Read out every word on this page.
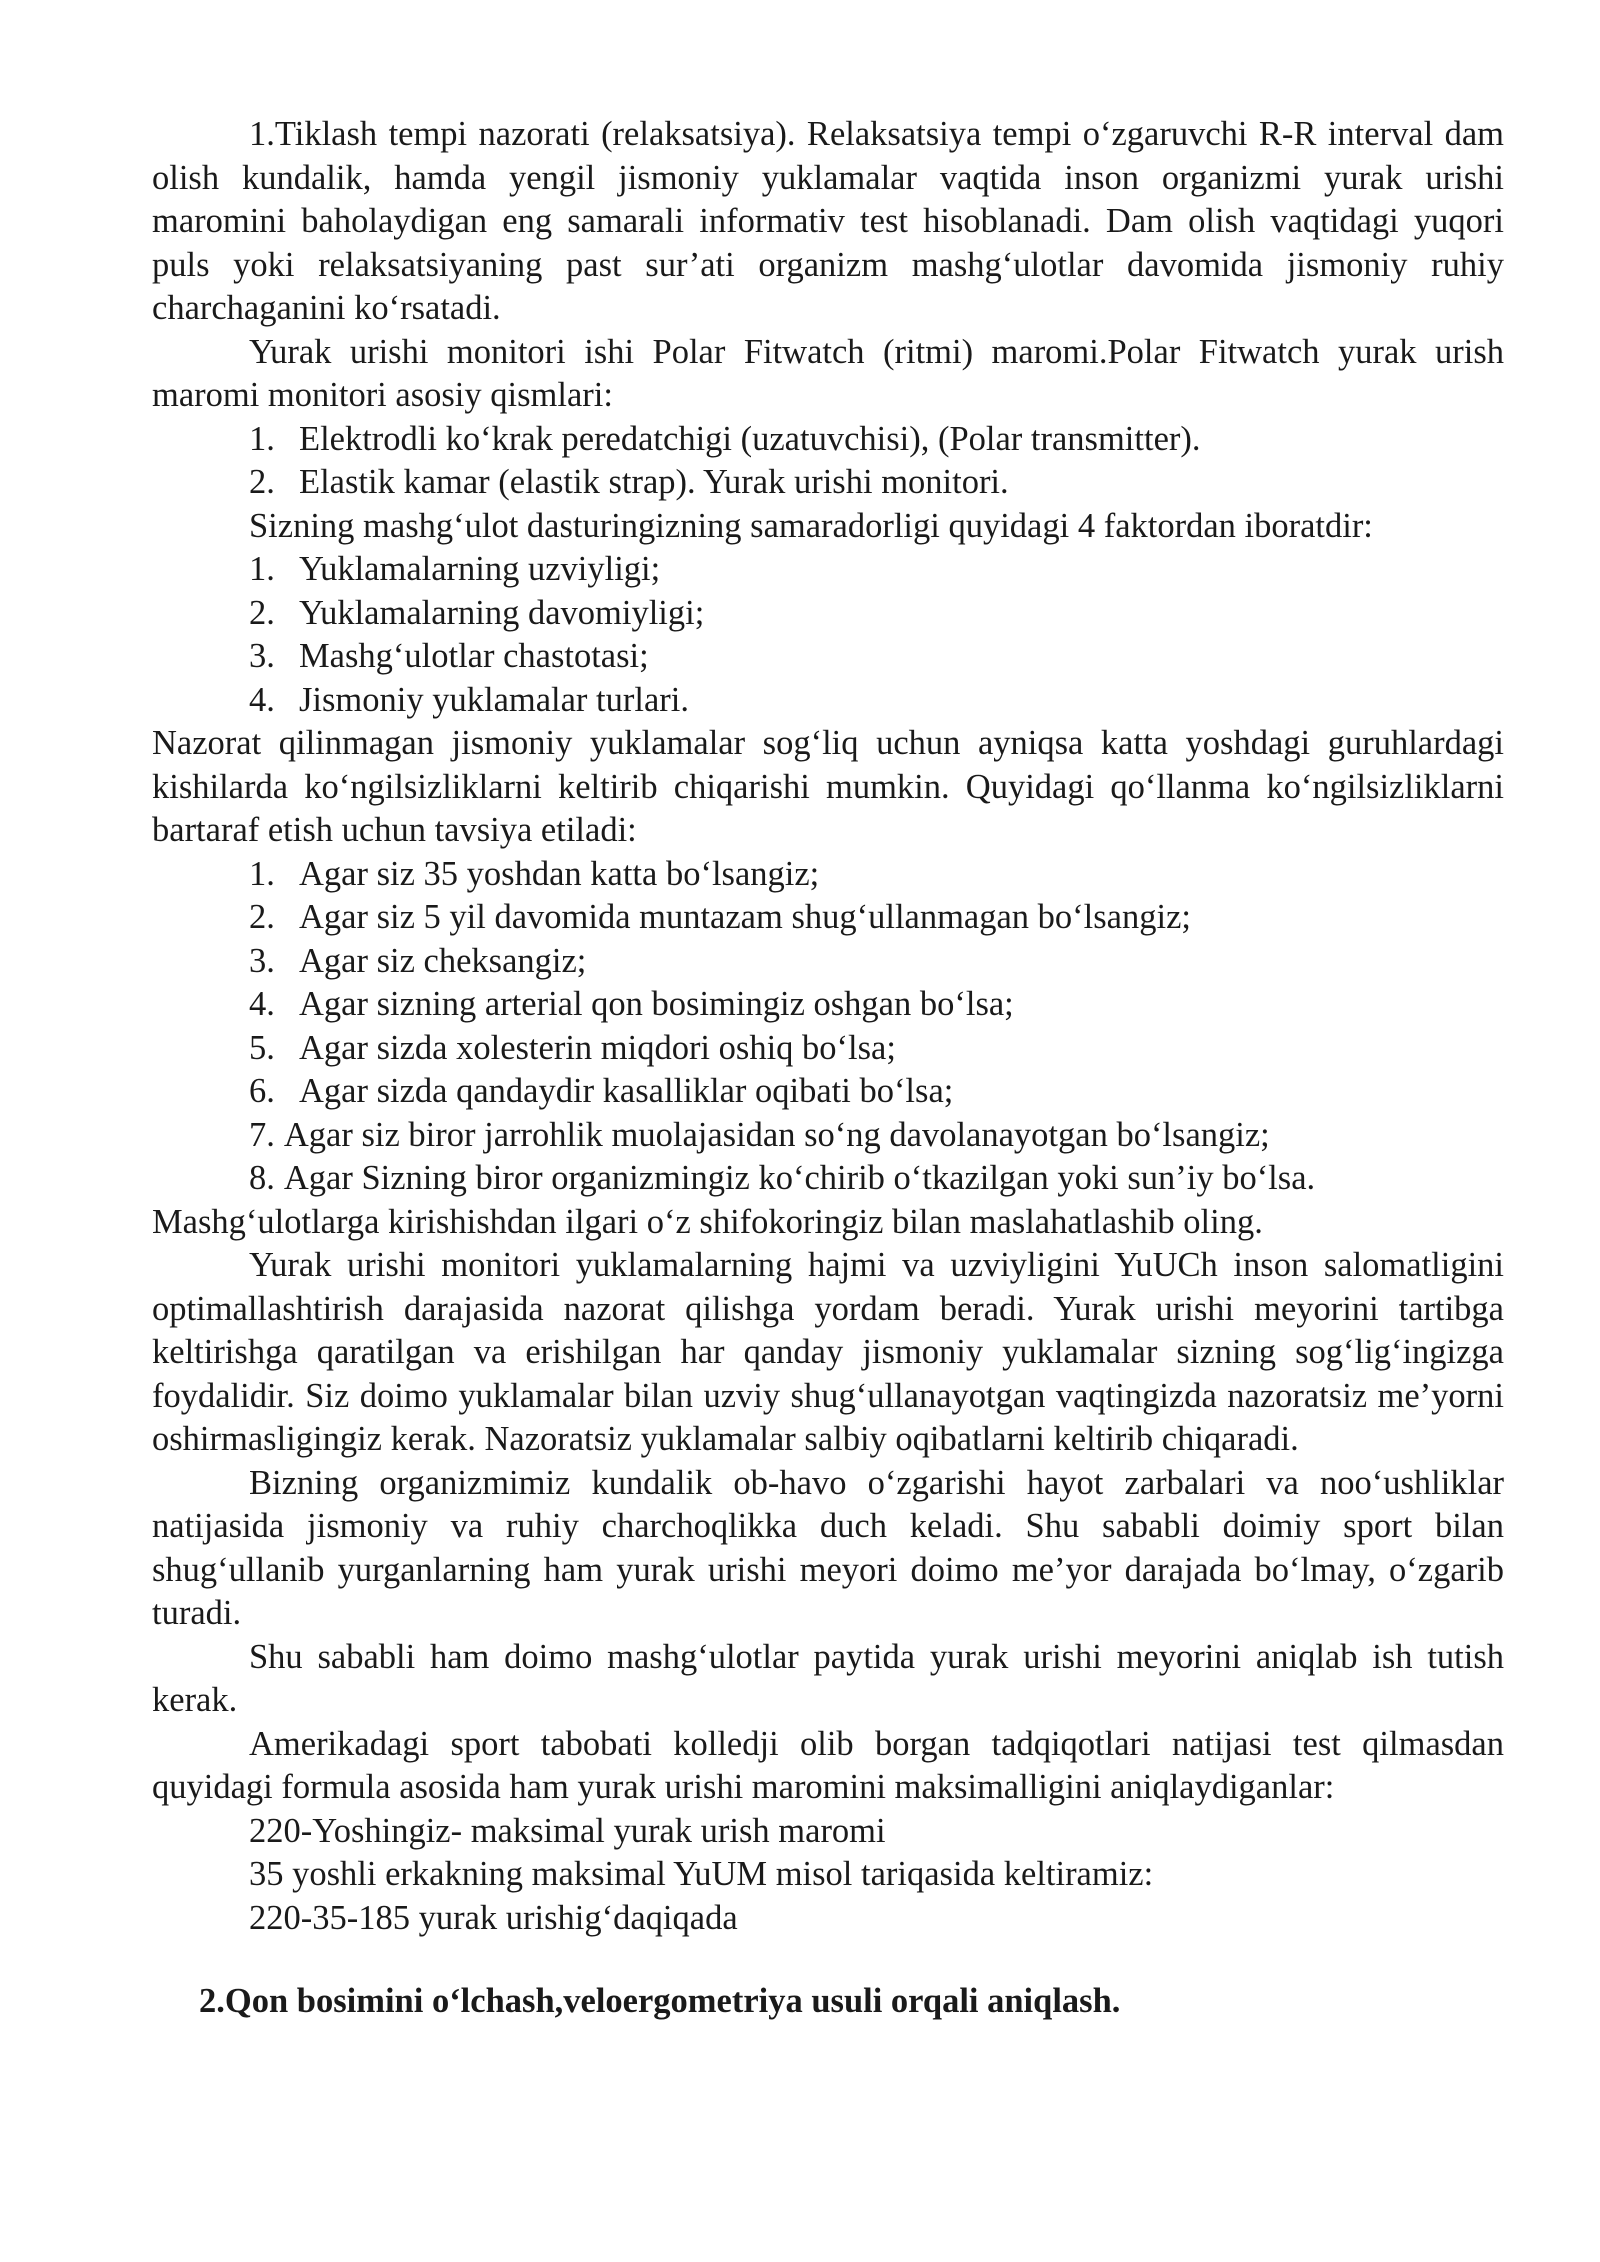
1.Tiklash tempi nazorati (relaksatsiya). Relaksatsiya tempi o‘zgaruvchi R-R interval dam olish kundalik, hamda yengil jismoniy yuklamalar vaqtida inson organizmi yurak urishi maromini baholaydigan eng samarali informativ test hisoblanadi. Dam olish vaqtidagi yuqori puls yoki relaksatsiyaning past sur’ati organizm mashg‘ulotlar davomida jismoniy ruhiy charchaganini ko‘rsatadi.

Yurak urishi monitori ishi Polar Fitwatch (ritmi) maromi.Polar Fitwatch yurak urish maromi monitori asosiy qismlari:

1. Elektrodli ko‘krak peredatchigi (uzatuvchisi), (Polar transmitter).

2. Elastik kamar (elastik strap). Yurak urishi monitori.

Sizning mashg‘ulot dasturingizning samaradorligi quyidagi 4 faktordan iboratdir:

1. Yuklamalarning uzviyligi;

2. Yuklamalarning davomiyligi;

3. Mashg‘ulotlar chastotasi;

4. Jismoniy yuklamalar turlari.

Nazorat qilinmagan jismoniy yuklamalar sog‘liq uchun ayniqsa katta yoshdagi guruhlardagi kishilarda ko‘ngilsizliklarni keltirib chiqarishi mumkin. Quyidagi qo‘llanma ko‘ngilsizliklarni bartaraf etish uchun tavsiya etiladi:

1. Agar siz 35 yoshdan katta bo‘lsangiz;

2. Agar siz 5 yil davomida muntazam shug‘ullanmagan bo‘lsangiz;

3. Agar siz cheksangiz;

4. Agar sizning arterial qon bosimingiz oshgan bo‘lsa;

5. Agar sizda xolesterin miqdori oshiq bo‘lsa;

6. Agar sizda qandaydir kasalliklar oqibati bo‘lsa;

7. Agar siz biror jarrohlik muolajasidan so‘ng davolanayotgan bo‘lsangiz;

8. Agar Sizning biror organizmingiz ko‘chirib o‘tkazilgan yoki sun’iy bo‘lsa.

Mashg‘ulotlarga kirishishdan ilgari o‘z shifokoringiz bilan maslahatlashib oling.

Yurak urishi monitori yuklamalarning hajmi va uzviyligini YuUCh inson salomatligini optimallashtirish darajasida nazorat qilishga yordam beradi. Yurak urishi meyorini tartibga keltirishga qaratilgan va erishilgan har qanday jismoniy yuklamalar sizning sog‘lig‘ingizga foydalidir. Siz doimo yuklamalar bilan uzviy shug‘ullanayotgan vaqtingizda nazoratsiz me’yorni oshirmasligingiz kerak. Nazoratsiz yuklamalar salbiy oqibatlarni keltirib chiqaradi.

Bizning organizmimiz kundalik ob-havo o‘zgarishi hayot zarbalari va noo‘ushliklar natijasida jismoniy va ruhiy charchoqlikka duch keladi. Shu sababli doimiy sport bilan shug‘ullanib yurganlarning ham yurak urishi meyori doimo me’yor darajada bo‘lmay, o‘zgarib turadi.

Shu sababli ham doimo mashg‘ulotlar paytida yurak urishi meyorini aniqlab ish tutish kerak.

Amerikadagi sport tabobati kolledji olib borgan tadqiqotlari natijasi test qilmasdan quyidagi formula asosida ham yurak urishi maromini maksimalligini aniqlaydiganlar:

220-Yoshingiz- maksimal yurak urish maromi

35 yoshli erkakning maksimal YuUM misol tariqasida keltiramiz:

220-35-185 yurak urishig‘daqiqada

2.Qon bosimini o‘lchash,veloergometriya usuli orqali aniqlash.
